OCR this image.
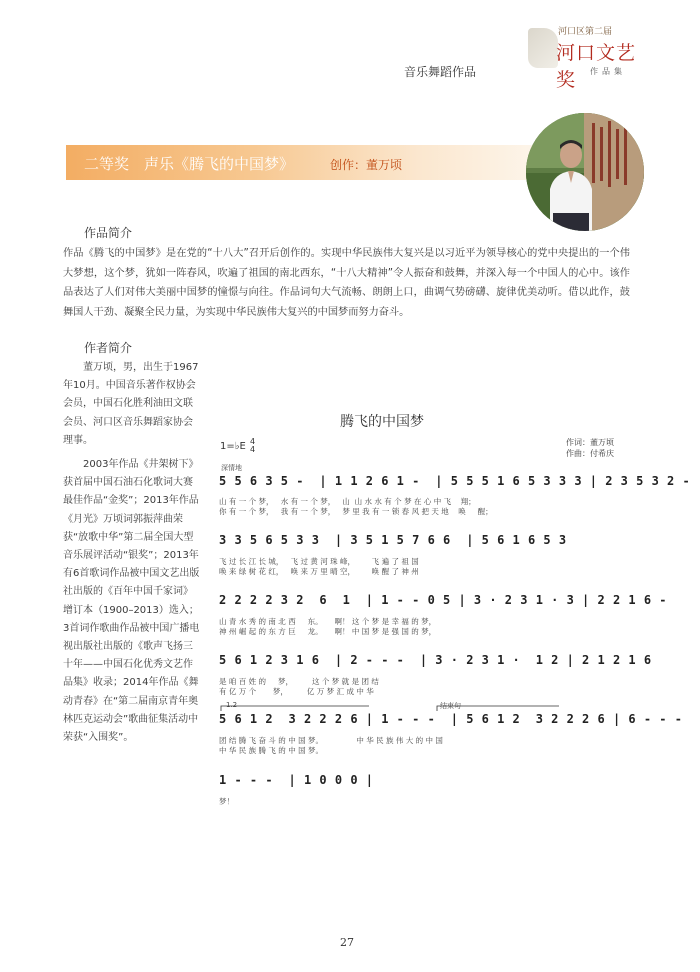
音乐舞蹈作品
河口区第二届
河口文艺奖	作品集
二等奖　声乐《腾飞的中国梦》	创作：董万顷
作品简介
作品《腾飞的中国梦》是在党的“十八大”召开后创作的。实现中华民族伟大复兴是以习近平为领导核心的党中央提出的一个伟大梦想，这个梦，犹如一阵春风，吹遍了祖国的南北西东，“十八大精神”令人振奋和鼓舞，并深入每一个中国人的心中。该作品表达了人们对伟大美丽中国梦的憧憬与向往。作品词句大气流畅、朗朗上口，曲调气势磅礴、旋律优美动听。借以此作，鼓舞国人干劲、凝聚全民力量，为实现中华民族伟大复兴的中国梦而努力奋斗。
作者简介

董万顷，男，出生于1967年10月。中国音乐著作权协会会员，中国石化胜利油田文联会员、河口区音乐舞蹈家协会理事。

2003年作品《井架树下》获首届中国石油石化歌词大赛最佳作品“金奖”；2013年作品《月光》万顷词郭振萍曲荣获“放歌中华”第二届全国大型音乐展评活动“银奖”；2013年有6首歌词作品被中国文艺出版社出版的《百年中国千家词》增订本（1900–2013）选入；3首词作歌曲作品被中国广播电视出版社出版的《歌声飞扬三十年——中国石化优秀文艺作品集》收录；2014年作品《舞动青春》在“第二届南京青年奥林匹克运动会”歌曲征集活动中荣获“入围奖”。

腾飞的中国梦
1=♭E 4
4
作词：董万顷
作曲：付希庆
深情地
5 5 6 3 5 -  | 1 1 2 6 1 -  | 5 5 5 1 6 5 3 3 3 | 2 3 5 3 2 -
山 有 一 个 梦，   水 有 一 个 梦，   山  山 水 水 有 个 梦 在 心 中 飞    翔；
你 有 一 个 梦，   我 有 一 个 梦，   梦 里 我 有 一 锁 春 风 把 天 地    唤     醒；
3 3 5 6 5 3 3  | 3 5 1 5 7 6 6  | 5 6 1 6 5 3
飞 过 长 江 长 城，   飞 过 黄 河 珠 峰，       飞 遍 了 祖 国
唤 来 绿 树 花 红，   唤 来 万 里 晴 空，       唤 醒 了 神 州
2 2 2 2 3 2  6  1  | 1 - - 0 5 | 3 · 2 3 1 · 3 | 2 2 1 6 -
山 青 水 秀 的 南 北 西     东。     啊！ 这 个 梦 是 幸 福 的 梦，
神 州 崛 起 的 东 方 巨     龙。     啊！ 中 国 梦 是 强 国 的 梦，
5 6 1 2 3 1 6  | 2 - - -  | 3 · 2 3 1 ·  1 2 | 2 1 2 1 6
是 咱 百 姓 的     梦，        这 个 梦 就 是 团 结
有 亿 万 个       梦，        亿 万 梦 汇 成 中 华
1.2	结束句
5 6 1 2  3 2 2 2 6 | 1 - - -  | 5 6 1 2  3 2 2 2 6 | 6 - - -
团 结 腾 飞 奋 斗 的 中 国 梦。              中 华 民 族 伟 大 的 中 国
中 华 民 族 腾 飞 的 中 国 梦。
1 - - -  | 1 0 0 0 |
梦！
27
